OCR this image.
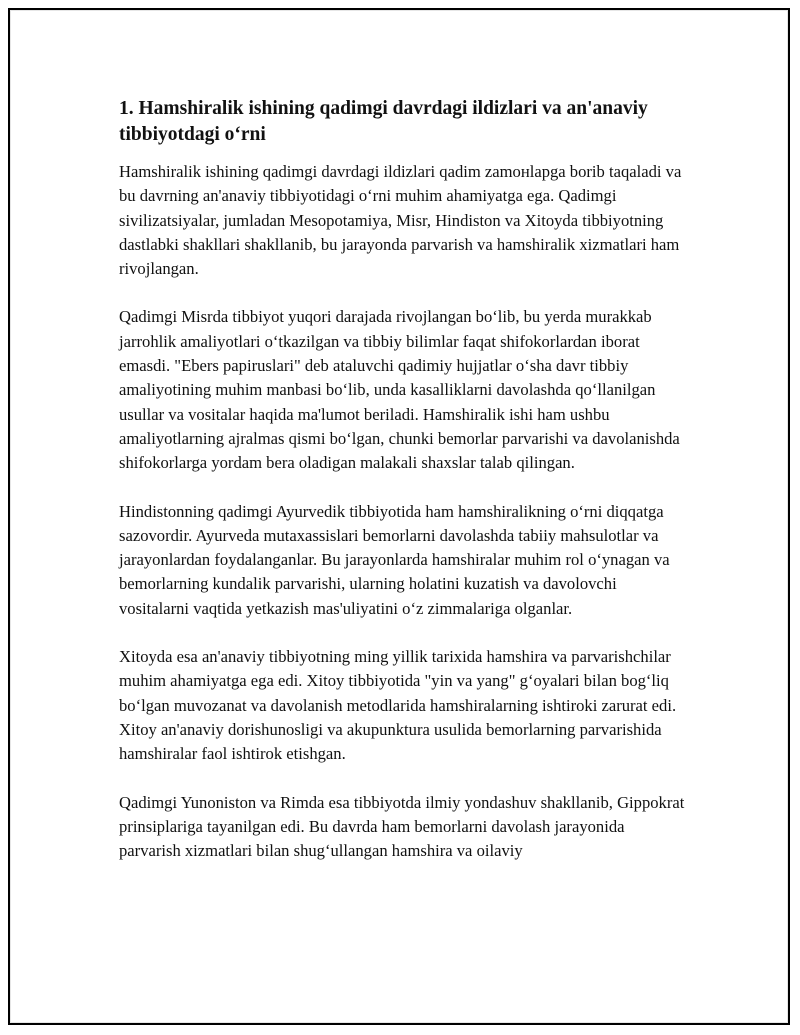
1. Hamshiralik ishining qadimgi davrdagi ildizlari va an'anaviy tibbiyotdagi o‘rni

Hamshiralik ishining qadimgi davrdagi ildizlari qadim zamонlapga borib taqaladi va bu davrning an'anaviy tibbiyotidagi o‘rni muhim ahamiyatga ega. Qadimgi sivilizatsiyalar, jumladan Mesopotamiya, Misr, Hindiston va Xitoyda tibbiyotning dastlabki shakllari shakllanib, bu jarayonda parvarish va hamshiralik xizmatlari ham rivojlangan.

Qadimgi Misrda tibbiyot yuqori darajada rivojlangan bo‘lib, bu yerda murakkab jarrohlik amaliyotlari o‘tkazilgan va tibbiy bilimlar faqat shifokorlardan iborat emasdi. "Ebers papiruslari" deb ataluvchi qadimiy hujjatlar o‘sha davr tibbiy amaliyotining muhim manbasi bo‘lib, unda kasalliklarni davolashda qo‘llanilgan usullar va vositalar haqida ma'lumot beriladi. Hamshiralik ishi ham ushbu amaliyotlarning ajralmas qismi bo‘lgan, chunki bemorlar parvarishi va davolanishda shifokorlarga yordam bera oladigan malakali shaxslar talab qilingan.

Hindistonning qadimgi Ayurvedik tibbiyotida ham hamshiralikning o‘rni diqqatga sazovordir. Ayurveda mutaxassislari bemorlarni davolashda tabiiy mahsulotlar va jarayonlardan foydalanganlar. Bu jarayonlarda hamshiralar muhim rol o‘ynagan va bemorlarning kundalik parvarishi, ularning holatini kuzatish va davolovchi vositalarni vaqtida yetkazish mas'uliyatini o‘z zimmalariga olganlar.

Xitoyda esa an'anaviy tibbiyotning ming yillik tarixida hamshira va parvarishchilar muhim ahamiyatga ega edi. Xitoy tibbiyotida "yin va yang" g‘oyalari bilan bog‘liq bo‘lgan muvozanat va davolanish metodlarida hamshiralarning ishtiroki zarurat edi. Xitoy an'anaviy dorishunosligi va akupunktura usulida bemorlarning parvarishida hamshiralar faol ishtirok etishgan.

Qadimgi Yunoniston va Rimda esa tibbiyotda ilmiy yondashuv shakllanib, Gippokrat prinsiplariga tayanilgan edi. Bu davrda ham bemorlarni davolash jarayonida parvarish xizmatlari bilan shug‘ullangan hamshira va oilaviy
